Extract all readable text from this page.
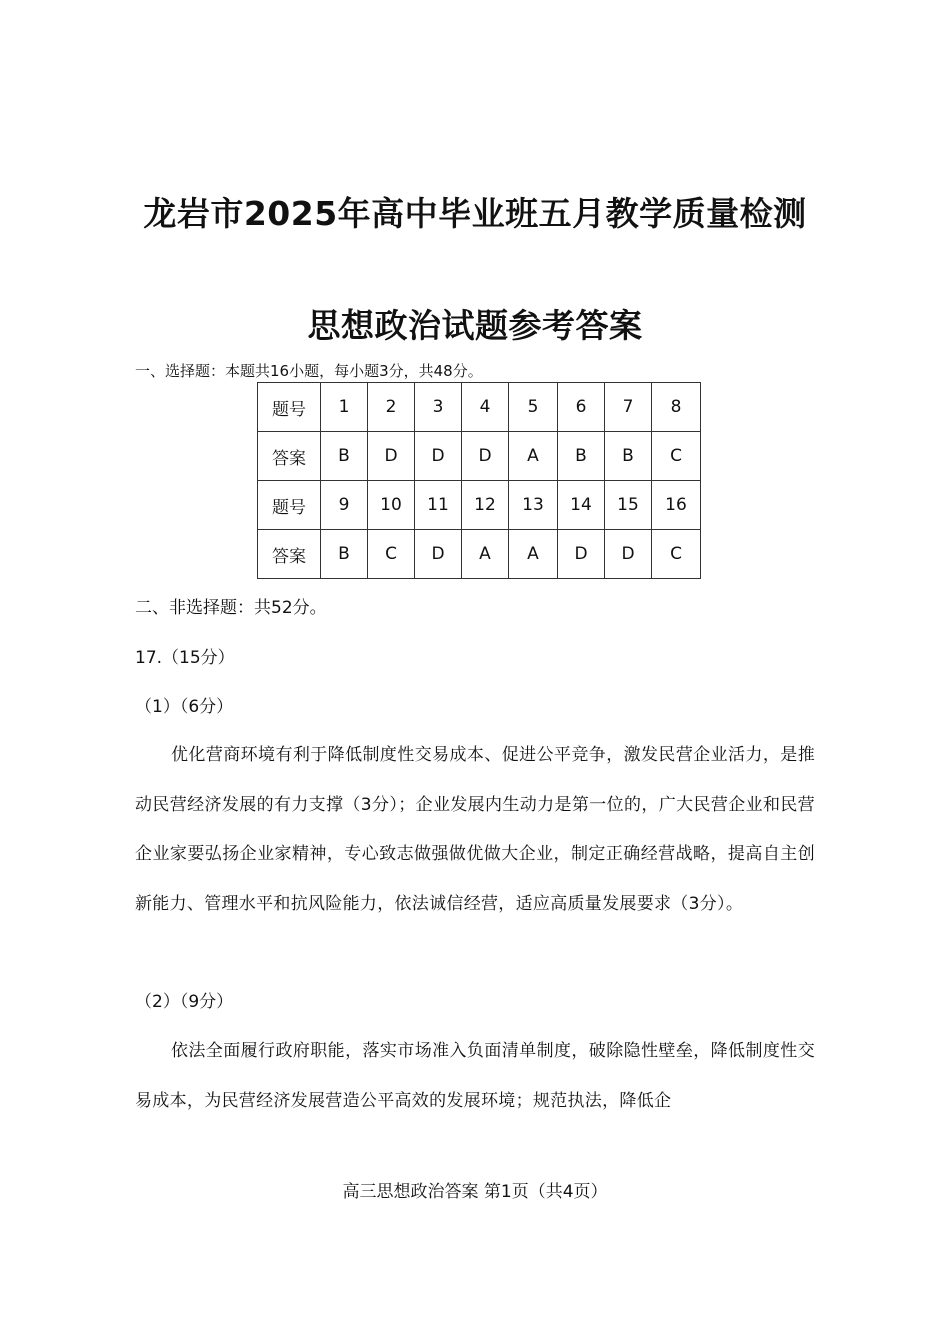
龙岩市2025年高中毕业班五月教学质量检测
思想政治试题参考答案
一、选择题：本题共16小题，每小题3分，共48分。
题号	1	2	3	4	5	6	7	8
答案	B	D	D	D	A	B	B	C
题号	9	10	11	12	13	14	15	16
答案	B	C	D	A	A	D	D	C
二、非选择题：共52分。
17.（15分）
（1）（6分）
优化营商环境有利于降低制度性交易成本、促进公平竞争，激发民营企业活力，是推动民营经济发展的有力支撑（3分）；企业发展内生动力是第一位的，广大民营企业和民营企业家要弘扬企业家精神，专心致志做强做优做大企业，制定正确经营战略，提高自主创新能力、管理水平和抗风险能力，依法诚信经营，适应高质量发展要求（3分）。
（2）（9分）
依法全面履行政府职能，落实市场准入负面清单制度，破除隐性壁垒，降低制度性交易成本，为民营经济发展营造公平高效的发展环境；规范执法，降低企
高三思想政治答案 第1页（共4页）
